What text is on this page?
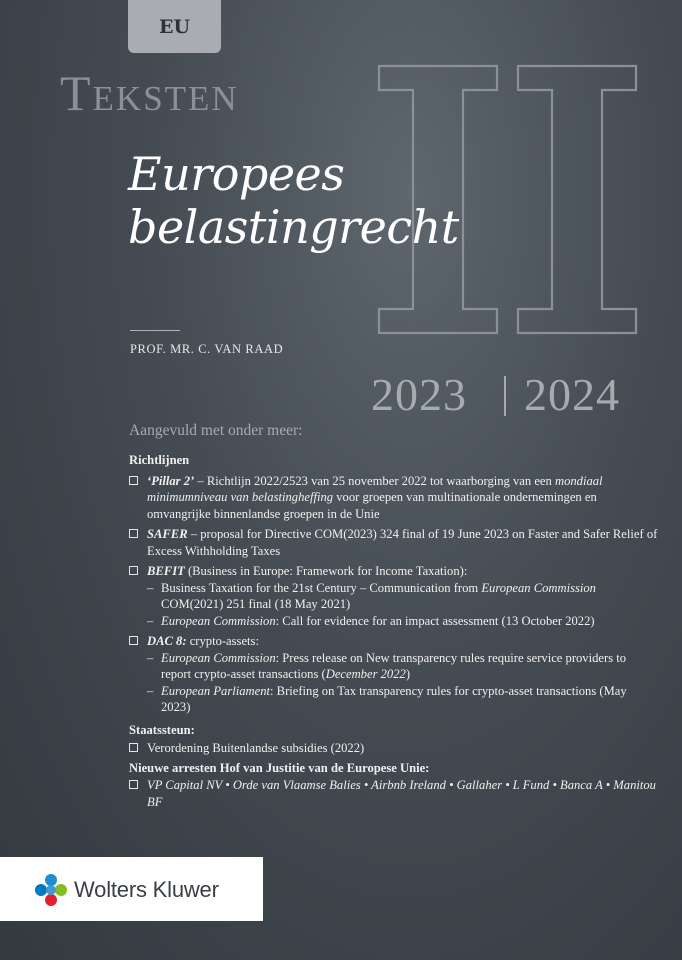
EU
Teksten
Europees
belastingrecht
PROF. MR. C. VAN RAAD
2023 2024
Aangevuld met onder meer:

Richtlijnen

‘Pillar 2’ – Richtlijn 2022/2523 van 25 november 2022 tot waarborging van een mondiaal minimumniveau van belastingheffing voor groepen van multinationale ondernemingen en omvangrijke binnenlandse groepen in de Unie
SAFER – proposal for Directive COM(2023) 324 final of 19 June 2023 on Faster and Safer Relief of Excess Withholding Taxes
BEFIT (Business in Europe: Framework for Income Taxation):
– Business Taxation for the 21st Century – Communication from European Commission COM(2021) 251 final (18 May 2021)
– European Commission: Call for evidence for an impact assessment (13 October 2022)
DAC 8: crypto-assets:
– European Commission: Press release on New transparency rules require service providers to report crypto-asset transactions (December 2022)
– European Parliament: Briefing on Tax transparency rules for crypto-asset transactions (May 2023)

Staatssteun:

Verordening Buitenlandse subsidies (2022)

Nieuwe arresten Hof van Justitie van de Europese Unie:

VP Capital NV • Orde van Vlaamse Balies • Airbnb Ireland • Gallaher • L Fund • Banca A • Manitou BF
Wolters Kluwer
